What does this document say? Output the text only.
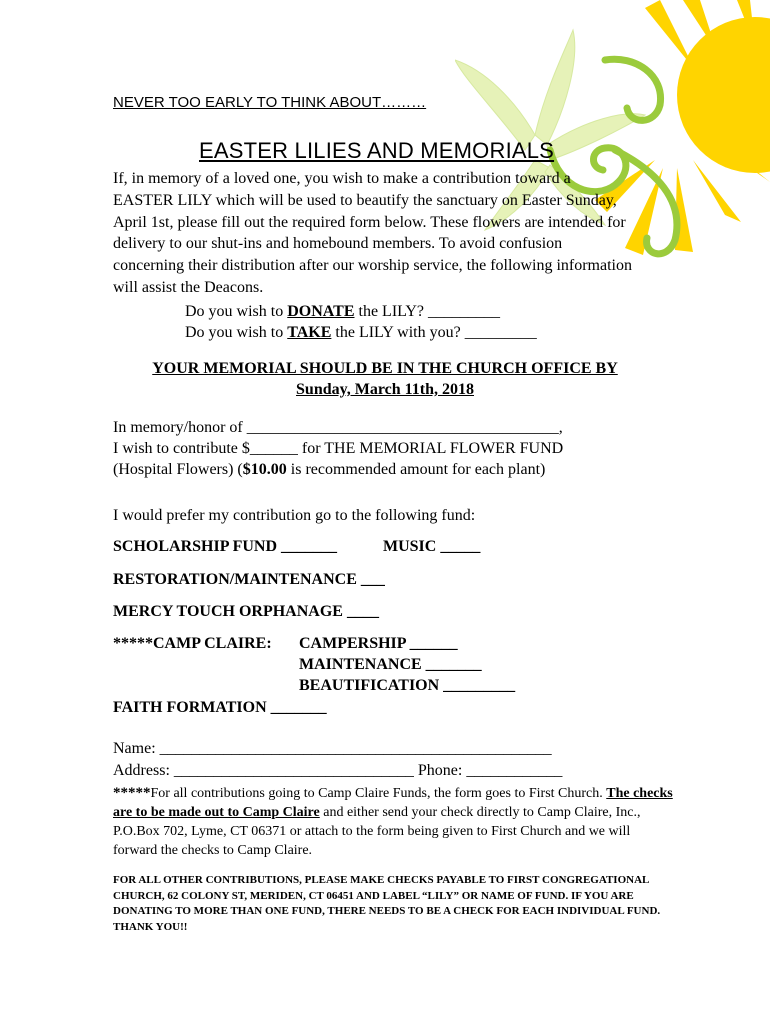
NEVER TOO EARLY TO THINK ABOUT………
EASTER LILIES AND MEMORIALS
If, in memory of a loved one, you wish to make a contribution toward a EASTER LILY which will be used to beautify the sanctuary on Easter Sunday, April 1st, please fill out the required form below. These flowers are intended for delivery to our shut-ins and homebound members. To avoid confusion concerning their distribution after our worship service, the following information will assist the Deacons.
Do you wish to DONATE the LILY? _________
Do you wish to TAKE the LILY with you? _________
YOUR MEMORIAL SHOULD BE IN THE CHURCH OFFICE BY
Sunday, March 11th, 2018
In memory/honor of _______________________________________,
I wish to contribute $______ for THE MEMORIAL FLOWER FUND
(Hospital Flowers) ($10.00 is recommended amount for each plant)
I would prefer my contribution go to the following fund:
SCHOLARSHIP FUND _______	MUSIC _____
RESTORATION/MAINTENANCE ___
MERCY TOUCH ORPHANAGE ____
*****CAMP CLAIRE: CAMPERSHIP ______
MAINTENANCE _______
BEAUTIFICATION _________
FAITH FORMATION _______
Name: _________________________________________________
Address: ______________________________ Phone: ____________
*****For all contributions going to Camp Claire Funds, the form goes to First Church. The checks are to be made out to Camp Claire and either send your check directly to Camp Claire, Inc., P.O.Box 702, Lyme, CT 06371 or attach to the form being given to First Church and we will forward the checks to Camp Claire.
FOR ALL OTHER CONTRIBUTIONS, PLEASE MAKE CHECKS PAYABLE TO FIRST CONGREGATIONAL CHURCH, 62 COLONY ST, MERIDEN, CT 06451 AND LABEL “LILY” OR NAME OF FUND. IF YOU ARE DONATING TO MORE THAN ONE FUND, THERE NEEDS TO BE A CHECK FOR EACH INDIVIDUAL FUND. THANK YOU!!
